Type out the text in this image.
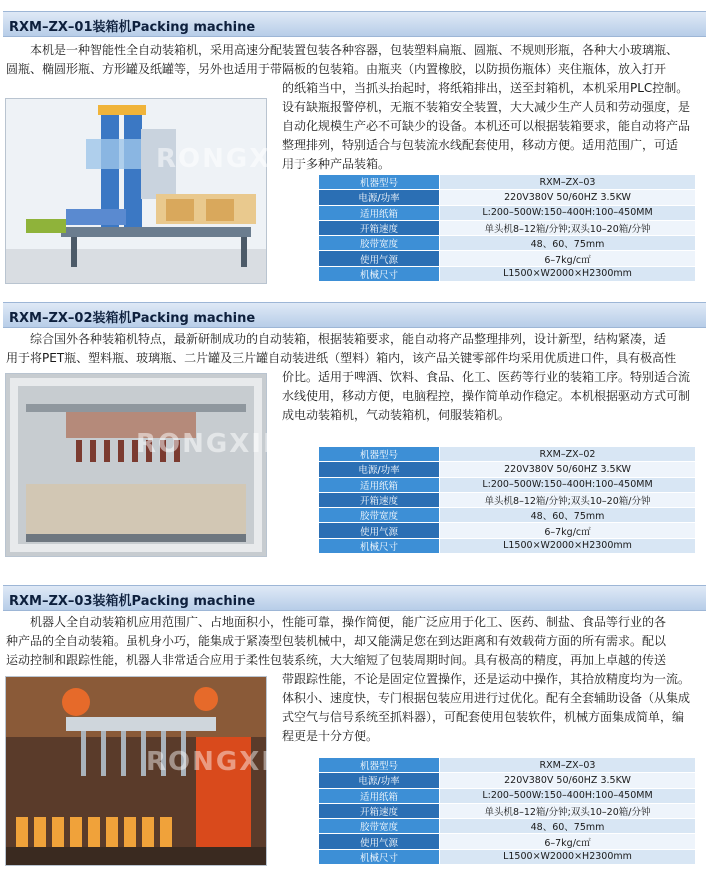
RXM–ZX–01装箱机Packing machine

　　本机是一种智能性全自动装箱机，采用高速分配装置包装各种容器，包装塑料扁瓶、圆瓶、不规则形瓶，各种大小玻璃瓶、

圆瓶、椭圆形瓶、方形罐及纸罐等，另外也适用于带隔板的包装箱。由瓶夹（内置橡胶，以防损伤瓶体）夹住瓶体，放入打开

的纸箱当中，当抓头抬起时，将纸箱排出，送至封箱机，本机采用PLC控制。

设有缺瓶报警停机，无瓶不装箱安全装置，大大减少生产人员和劳动强度，是

自动化规模生产必不可缺少的设备。本机还可以根据装箱要求，能自动将产品

整理排列，特别适合与包装流水线配套使用，移动方便。适用范围广，可适

用于多种产品装箱。

RONGXIN
机器型号	RXM–ZX–03
电源/功率	220V380V 50/60HZ 3.5KW
适用纸箱	L:200–500W:150–400H:100–450MM
开箱速度	单头机8–12箱/分钟;双头10–20箱/分钟
胶带宽度	48、60、75mm
使用气源	6–7kg/c㎡
机械尺寸	L1500×W2000×H2300mm
RXM–ZX–02装箱机Packing machine

　　综合国外各种装箱机特点，最新研制成功的自动装箱，根据装箱要求，能自动将产品整理排列，设计新型，结构紧凑，适

用于将PET瓶、塑料瓶、玻璃瓶、二片罐及三片罐自动装进纸（塑料）箱内，该产品关键零部件均采用优质进口件，具有极高性

价比。适用于啤酒、饮料、食品、化工、医药等行业的装箱工序。特别适合流

水线使用，移动方便，电脑程控，操作简单动作稳定。本机根据驱动方式可制

成电动装箱机，气动装箱机，伺服装箱机。

RONGXIN	机器型号	RXM–ZX–02
电源/功率	220V380V 50/60HZ 3.5KW
适用纸箱	L:200–500W:150–400H:100–450MM
开箱速度	单头机8–12箱/分钟;双头10–20箱/分钟
胶带宽度	48、60、75mm
使用气源	6–7kg/c㎡
机械尺寸	L1500×W2000×H2300mm
RXM–ZX–03装箱机Packing machine

　　机器人全自动装箱机应用范围广、占地面积小，性能可靠，操作简便，能广泛应用于化工、医药、制盐、食品等行业的各

种产品的全自动装箱。虽机身小巧，能集成于紧凑型包装机械中，却又能满足您在到达距离和有效载荷方面的所有需求。配以

运动控制和跟踪性能，机器人非常适合应用于柔性包装系统，大大缩短了包装周期时间。具有极高的精度，再加上卓越的传送

带跟踪性能，不论是固定位置操作，还是运动中操作，其拾放精度均为一流。

体积小、速度快，专门根据包装应用进行过优化。配有全套辅助设备（从集成

式空气与信号系统至抓料器），可配套使用包装软件，机械方面集成简单，编

程更是十分方便。

RONGXIN	机器型号	RXM–ZX–03
电源/功率	220V380V 50/60HZ 3.5KW
适用纸箱	L:200–500W:150–400H:100–450MM
开箱速度	单头机8–12箱/分钟;双头10–20箱/分钟
胶带宽度	48、60、75mm
使用气源	6–7kg/c㎡
机械尺寸	L1500×W2000×H2300mm
